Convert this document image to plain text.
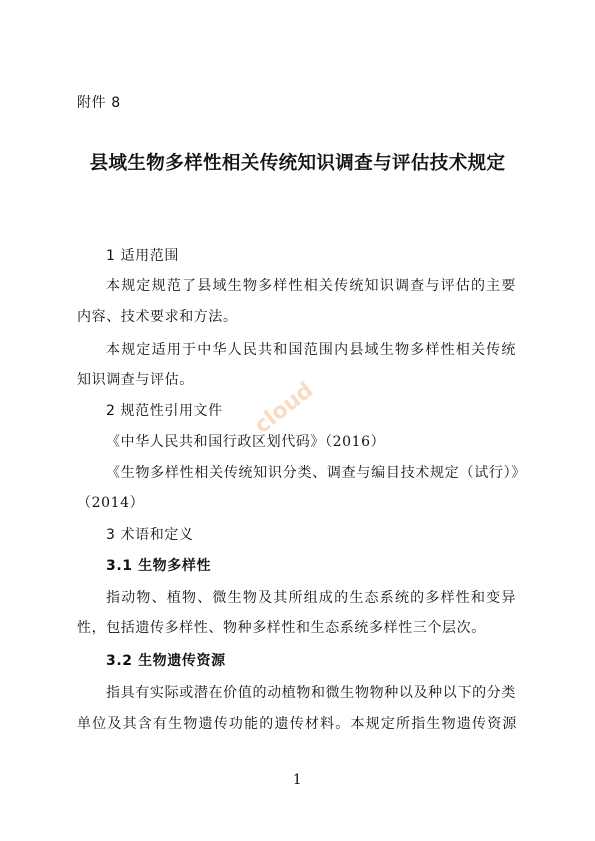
附件 8
县域生物多样性相关传统知识调查与评估技术规定
1 适用范围
本规定规范了县域生物多样性相关传统知识调查与评估的主要
内容、技术要求和方法。
本规定适用于中华人民共和国范围内县域生物多样性相关传统
知识调查与评估。
2 规范性引用文件
《中华人民共和国行政区划代码》（2016）
《生物多样性相关传统知识分类、调查与编目技术规定（试行）》
（2014）
3 术语和定义
3.1 生物多样性
指动物、植物、微生物及其所组成的生态系统的多样性和变异
性，包括遗传多样性、物种多样性和生态系统多样性三个层次。
3.2 生物遗传资源
指具有实际或潜在价值的动植物和微生物物种以及种以下的分类
单位及其含有生物遗传功能的遗传材料。本规定所指生物遗传资源
1
cloud
